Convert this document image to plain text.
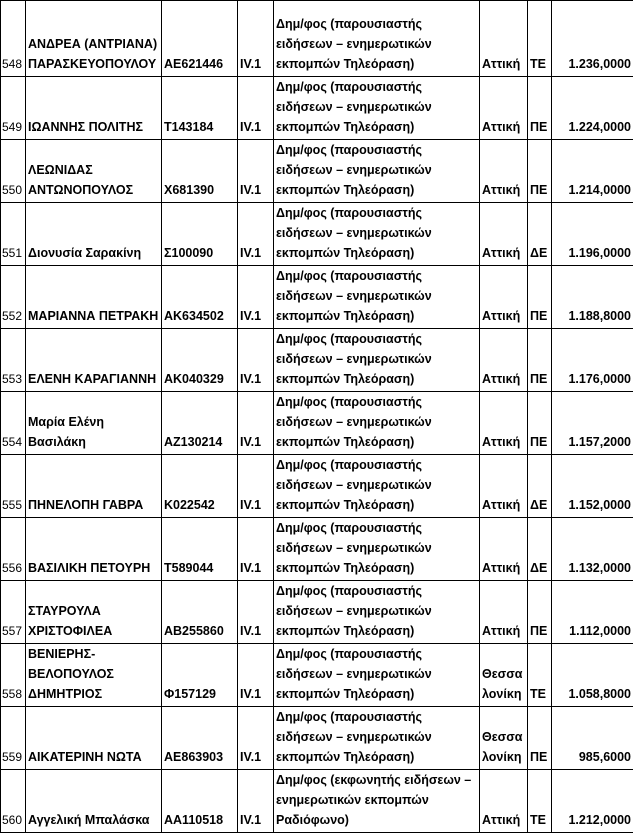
548	ΑΝΔΡΕΑ (ΑΝΤΡΙΑΝΑ) ΠΑΡΑΣΚΕΥΟΠΟΥΛΟΥ	ΑΕ621446	IV.1	Δημ/φος (παρουσιαστής ειδήσεων – ενημερωτικών εκπομπών Τηλεόραση)	Αττική	ΤΕ	1.236,0000
549	ΙΩΑΝΝΗΣ ΠΟΛΙΤΗΣ	Τ143184	IV.1	Δημ/φος (παρουσιαστής ειδήσεων – ενημερωτικών εκπομπών Τηλεόραση)	Αττική	ΠΕ	1.224,0000
550	ΛΕΩΝΙΔΑΣ ΑΝΤΩΝΟΠΟΥΛΟΣ	Χ681390	IV.1	Δημ/φος (παρουσιαστής ειδήσεων – ενημερωτικών εκπομπών Τηλεόραση)	Αττική	ΠΕ	1.214,0000
551	Διονυσία Σαρακίνη	Σ100090	IV.1	Δημ/φος (παρουσιαστής ειδήσεων – ενημερωτικών εκπομπών Τηλεόραση)	Αττική	ΔΕ	1.196,0000
552	ΜΑΡΙΑΝΝΑ ΠΕΤΡΑΚΗ	ΑΚ634502	IV.1	Δημ/φος (παρουσιαστής ειδήσεων – ενημερωτικών εκπομπών Τηλεόραση)	Αττική	ΠΕ	1.188,8000
553	ΕΛΕΝΗ ΚΑΡΑΓΙΑΝΝΗ	ΑΚ040329	IV.1	Δημ/φος (παρουσιαστής ειδήσεων – ενημερωτικών εκπομπών Τηλεόραση)	Αττική	ΠΕ	1.176,0000
554	Μαρία Ελένη Βασιλάκη	ΑΖ130214	IV.1	Δημ/φος (παρουσιαστής ειδήσεων – ενημερωτικών εκπομπών Τηλεόραση)	Αττική	ΠΕ	1.157,2000
555	ΠΗΝΕΛΟΠΗ ΓΑΒΡΑ	Κ022542	IV.1	Δημ/φος (παρουσιαστής ειδήσεων – ενημερωτικών εκπομπών Τηλεόραση)	Αττική	ΔΕ	1.152,0000
556	ΒΑΣΙΛΙΚΗ ΠΕΤΟΥΡΗ	Τ589044	IV.1	Δημ/φος (παρουσιαστής ειδήσεων – ενημερωτικών εκπομπών Τηλεόραση)	Αττική	ΔΕ	1.132,0000
557	ΣΤΑΥΡΟΥΛΑ ΧΡΙΣΤΟΦΙΛΕΑ	ΑΒ255860	IV.1	Δημ/φος (παρουσιαστής ειδήσεων – ενημερωτικών εκπομπών Τηλεόραση)	Αττική	ΠΕ	1.112,0000
558	ΒΕΝΙΕΡΗΣ-ΒΕΛΟΠΟΥΛΟΣ ΔΗΜΗΤΡΙΟΣ	Φ157129	IV.1	Δημ/φος (παρουσιαστής ειδήσεων – ενημερωτικών εκπομπών Τηλεόραση)	Θεσσαλονίκη	ΤΕ	1.058,8000
559	ΑΙΚΑΤΕΡΙΝΗ ΝΩΤΑ	ΑΕ863903	IV.1	Δημ/φος (παρουσιαστής ειδήσεων – ενημερωτικών εκπομπών Τηλεόραση)	Θεσσαλονίκη	ΠΕ	985,6000
560	Αγγελική Μπαλάσκα	ΑΑ110518	IV.1	Δημ/φος (εκφωνητής ειδήσεων – ενημερωτικών εκπομπών Ραδιόφωνο)	Αττική	ΤΕ	1.212,0000
